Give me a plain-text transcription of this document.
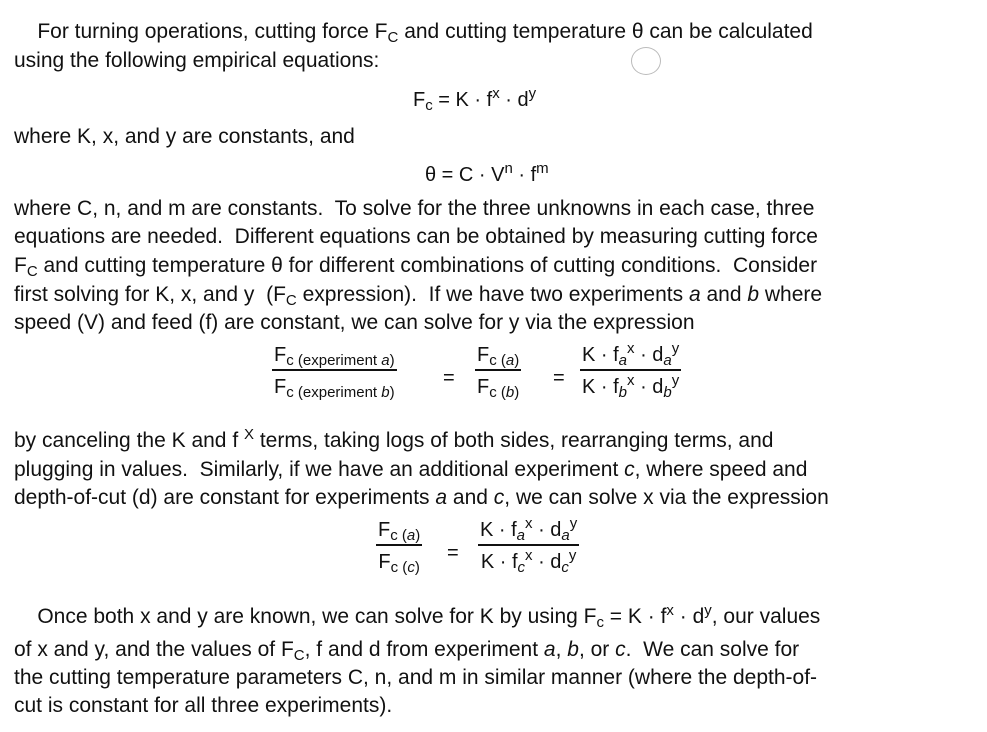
For turning operations, cutting force $F_C$ and cutting temperature θ can be calculated
using the following empirical equations:
where K, x, and y are constants, and
where C, n, and m are constants.  To solve for the three unknowns in each case, three
equations are needed.  Different equations can be obtained by measuring cutting force
$F_C$ and cutting temperature θ for different combinations of cutting conditions.  Consider
first solving for K, x, and y  ($F_C$ expression).  If we have two experiments a and b where
speed (V) and feed (f) are constant, we can solve for y via the expression
by canceling the K and f $^X$ terms, taking logs of both sides, rearranging terms, and
plugging in values.  Similarly, if we have an additional experiment c, where speed and
depth-of-cut (d) are constant for experiments a and c, we can solve x via the expression
Once both x and y are known, we can solve for K by using $F_c = K \cdot f^x \cdot d^y$, our values
of x and y, and the values of $F_C$, f and d from experiment a, b, or c.  We can solve for
the cutting temperature parameters C, n, and m in similar manner (where the depth-of-
cut is constant for all three experiments).
$F_c = K \cdot f^x \cdot d^y$
$\theta = C \cdot V^n \cdot f^m$
$F_{c (experiment a)}$
$F_{c (experiment b)}$
= $\frac{F_{c (a)}}{F_{c (b)}}$ =
$K \cdot f_a^x \cdot d_a^y$
$K \cdot f_b^x \cdot d_b^y$
$\frac{F_{c (a)}}{F_{c (c)}}$ =
$K \cdot f_a^x \cdot d_a^y$
$K \cdot f_c^x \cdot d_c^y$
